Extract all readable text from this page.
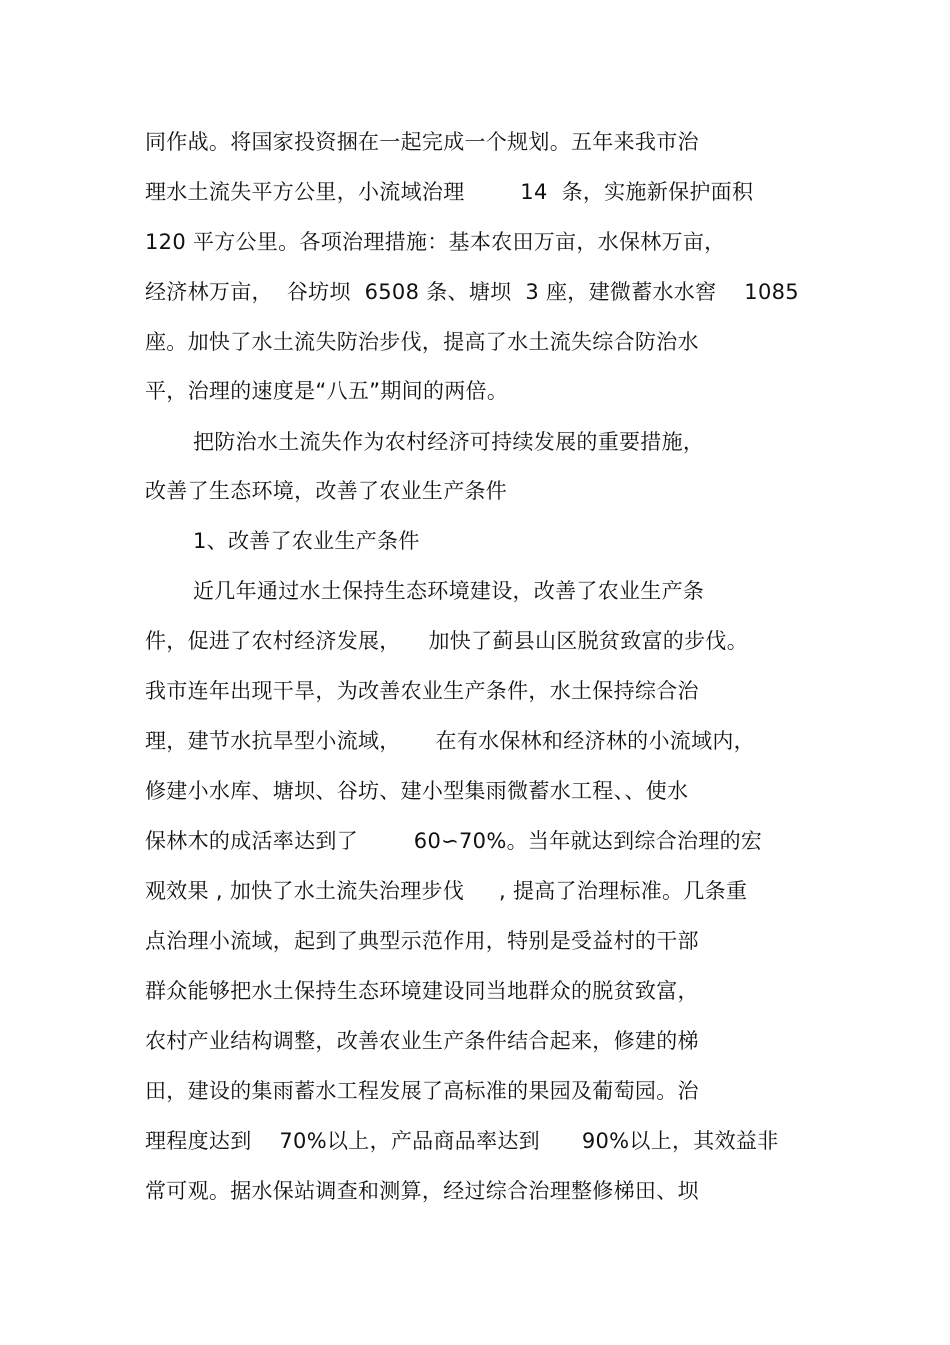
同作战。将国家投资捆在一起完成一个规划。五年来我市治
理水土流失平方公里，小流域治理        14  条，实施新保护面积
120 平方公里。各项治理措施：基本农田万亩，水保林万亩，
经济林万亩，  谷坊坝  6508 条、塘坝  3 座，建微蓄水水窖    1085
座。加快了水土流失防治步伐，提高了水土流失综合防治水
平，治理的速度是“八五”期间的两倍。
把防治水土流失作为农村经济可持续发展的重要措施，
改善了生态环境，改善了农业生产条件
1、改善了农业生产条件
近几年通过水土保持生态环境建设，改善了农业生产条
件，促进了农村经济发展，    加快了蓟县山区脱贫致富的步伐。
我市连年出现干旱，为改善农业生产条件，水土保持综合治
理，建节水抗旱型小流域，     在有水保林和经济林的小流域内，
修建小水库、塘坝、谷坊、建小型集雨微蓄水工程、、使水
保林木的成活率达到了        60∽70%。当年就达到综合治理的宏
观效果 , 加快了水土流失治理步伐     , 提高了治理标准。几条重
点治理小流域，起到了典型示范作用，特别是受益村的干部
群众能够把水土保持生态环境建设同当地群众的脱贫致富，
农村产业结构调整，改善农业生产条件结合起来，修建的梯
田，建设的集雨蓄水工程发展了高标准的果园及葡萄园。治
理程度达到    70%以上，产品商品率达到      90%以上，其效益非
常可观。据水保站调查和测算，经过综合治理整修梯田、坝
